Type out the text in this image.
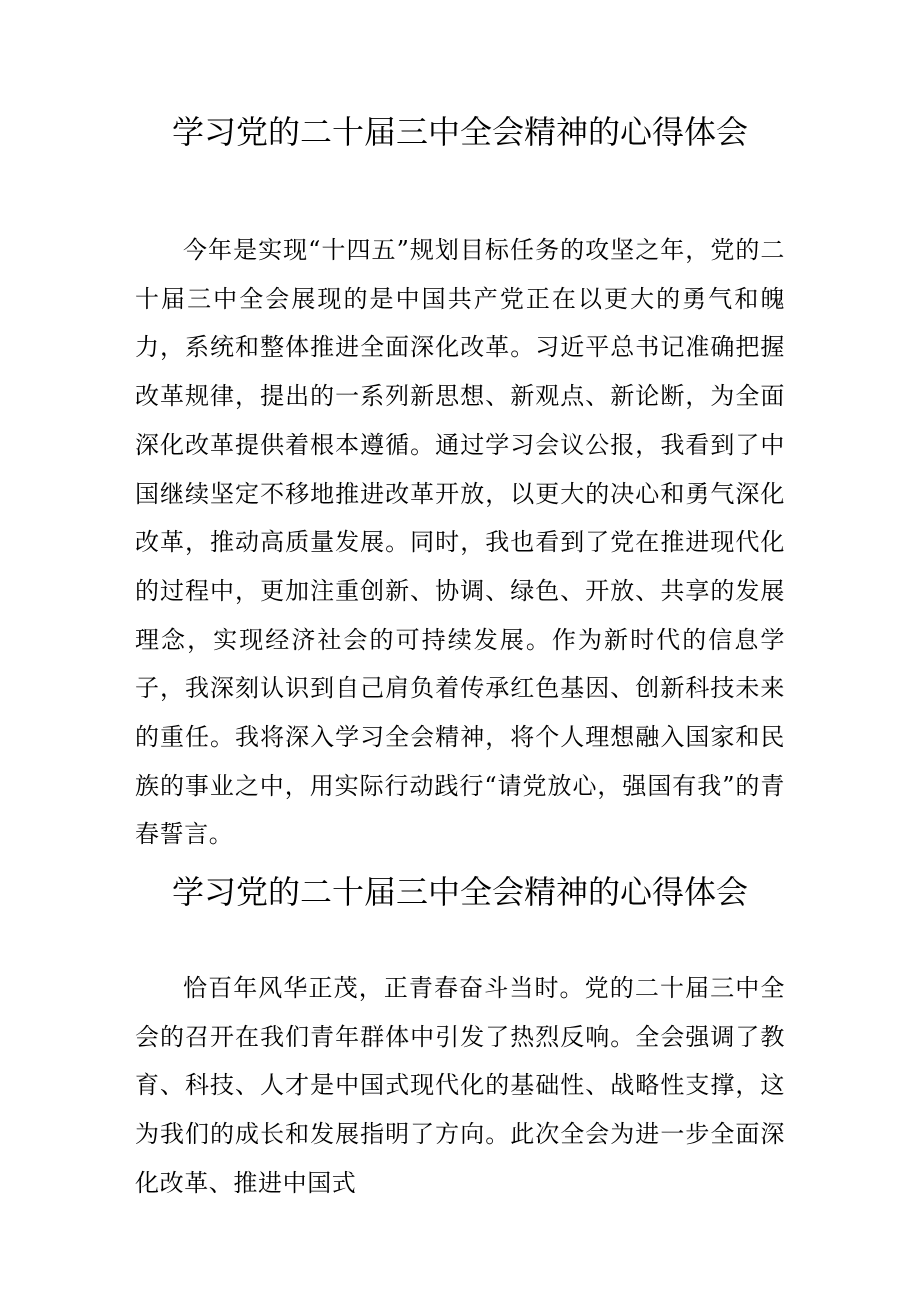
学习党的二十届三中全会精神的心得体会

今年是实现“十四五”规划目标任务的攻坚之年，党的二十届三中全会展现的是中国共产党正在以更大的勇气和魄力，系统和整体推进全面深化改革。习近平总书记准确把握改革规律，提出的一系列新思想、新观点、新论断，为全面深化改革提供着根本遵循。通过学习会议公报，我看到了中国继续坚定不移地推进改革开放，以更大的决心和勇气深化改革，推动高质量发展。同时，我也看到了党在推进现代化的过程中，更加注重创新、协调、绿色、开放、共享的发展理念，实现经济社会的可持续发展。作为新时代的信息学子，我深刻认识到自己肩负着传承红色基因、创新科技未来的重任。我将深入学习全会精神，将个人理想融入国家和民族的事业之中，用实际行动践行“请党放心，强国有我”的青春誓言。

学习党的二十届三中全会精神的心得体会

恰百年风华正茂，正青春奋斗当时。党的二十届三中全会的召开在我们青年群体中引发了热烈反响。全会强调了教育、科技、人才是中国式现代化的基础性、战略性支撑，这为我们的成长和发展指明了方向。此次全会为进一步全面深化改革、推进中国式
